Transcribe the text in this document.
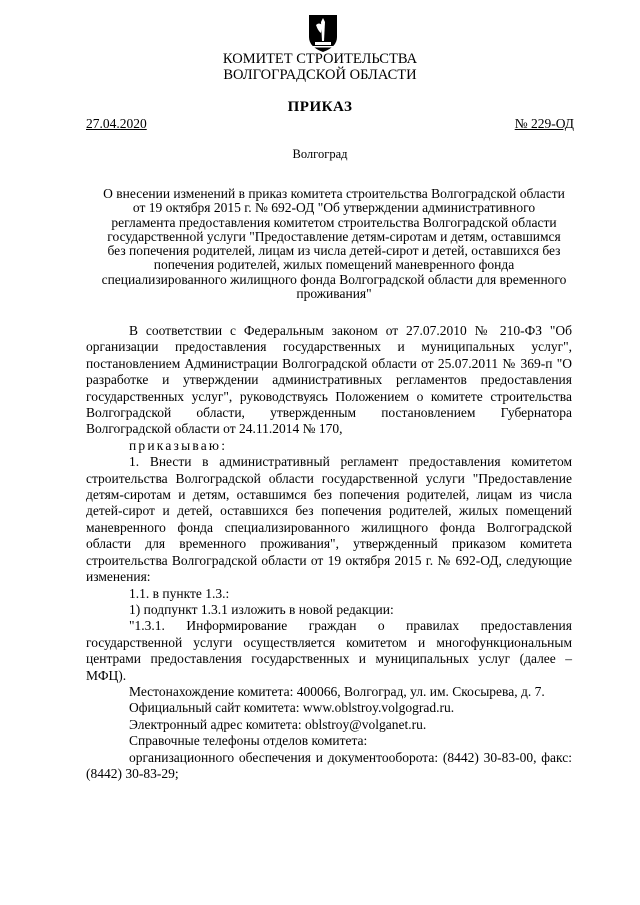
КОМИТЕТ СТРОИТЕЛЬСТВА
ВОЛГОГРАДСКОЙ ОБЛАСТИ
ПРИКАЗ
27.04.2020	№ 229-ОД
Волгоград
О внесении изменений в приказ комитета строительства Волгоградской области от 19 октября 2015 г. № 692-ОД "Об утверждении административного регламента предоставления комитетом строительства Волгоградской области государственной услуги "Предоставление детям-сиротам и детям, оставшимся без попечения родителей, лицам из числа детей-сирот и детей, оставшихся без попечения родителей, жилых помещений маневренного фонда специализированного жилищного фонда Волгоградской области для временного проживания"

В соответствии с Федеральным законом от 27.07.2010 № 210-ФЗ "Об организации предоставления государственных и муниципальных услуг", постановлением Администрации Волгоградской области от 25.07.2011 № 369-п "О разработке и утверждении административных регламентов предоставления государственных услуг", руководствуясь Положением о комитете строительства Волгоградской области, утвержденным постановлением Губернатора Волгоградской области от 24.11.2014 № 170,

приказываю:

1. Внести в административный регламент предоставления комитетом строительства Волгоградской области государственной услуги "Предоставление детям-сиротам и детям, оставшимся без попечения родителей, лицам из числа детей-сирот и детей, оставшихся без попечения родителей, жилых помещений маневренного фонда специализированного жилищного фонда Волгоградской области для временного проживания", утвержденный приказом комитета строительства Волгоградской области от 19 октября 2015 г. № 692-ОД, следующие изменения:

1.1. в пункте 1.3.:

1) подпункт 1.3.1 изложить в новой редакции:

"1.3.1. Информирование граждан о правилах предоставления государственной услуги осуществляется комитетом и многофункциональным центрами предоставления государственных и муниципальных услуг (далее – МФЦ).

Местонахождение комитета: 400066, Волгоград, ул. им. Скосырева, д. 7.

Официальный сайт комитета: www.oblstroy.volgograd.ru.

Электронный адрес комитета: oblstroy@volganet.ru.

Справочные телефоны отделов комитета:

организационного обеспечения и документооборота: (8442) 30-83-00, факс: (8442) 30-83-29;
